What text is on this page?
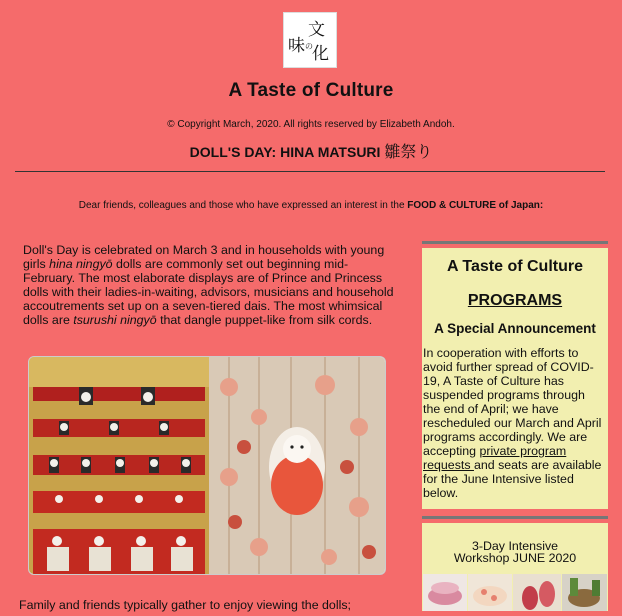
文
味 の 化
A Taste of Culture
© Copyright March, 2020. All rights reserved by Elizabeth Andoh.
DOLL'S DAY: HINA MATSURI 雛祭り
Dear friends, colleagues and those who have expressed an interest in the FOOD & CULTURE of Japan:
Doll's Day is celebrated on March 3 and in households with young girls hina ningyō dolls are commonly set out beginning mid-February. The most elaborate displays are of Prince and Princess dolls with their ladies-in-waiting, advisors, musicians and household accoutrements set up on a seven-tiered dais. The most whimsical dolls are tsurushi ningyō that dangle puppet-like from silk cords.
Family and friends typically gather to enjoy viewing the dolls;
A Taste of Culture
PROGRAMS
A Special Announcement
In cooperation with efforts to avoid further spread of COVID-19, A Taste of Culture has suspended programs through the end of April; we have rescheduled our March and April programs accordingly. We are accepting private program requests and seats are available for the June Intensive listed below.
3-Day Intensive
Workshop JUNE 2020
